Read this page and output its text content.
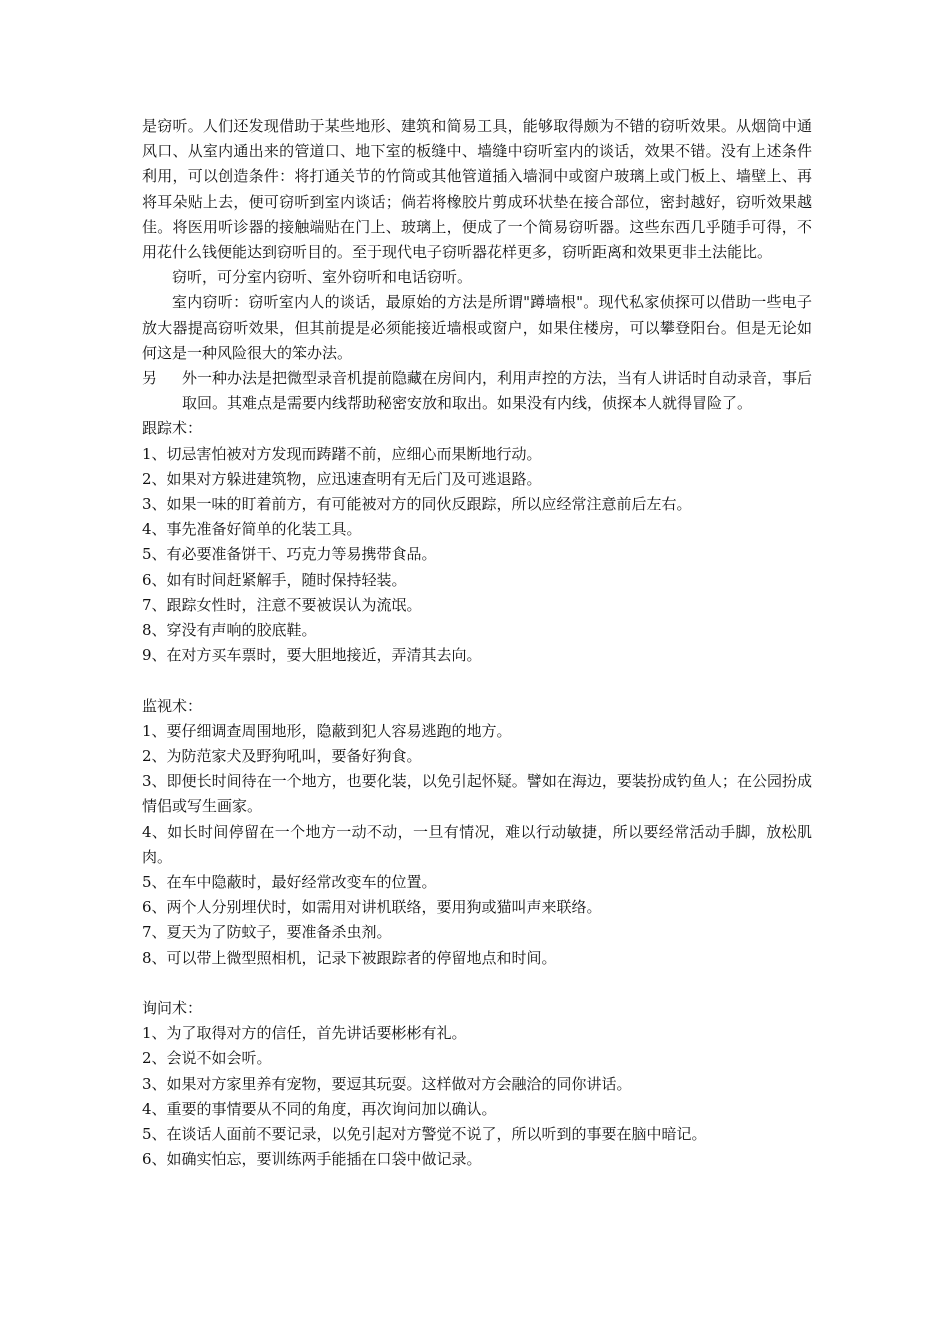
是窃听。人们还发现借助于某些地形、建筑和简易工具，能够取得颇为不错的窃听效果。从烟筒中通风口、从室内通出来的管道口、地下室的板缝中、墙缝中窃听室内的谈话，效果不错。没有上述条件利用，可以创造条件：将打通关节的竹筒或其他管道插入墙洞中或窗户玻璃上或门板上、墙壁上、再将耳朵贴上去，便可窃听到室内谈话；倘若将橡胶片剪成环状垫在接合部位，密封越好，窃听效果越佳。将医用听诊器的接触端贴在门上、玻璃上，便成了一个简易窃听器。这些东西几乎随手可得，不用花什么钱便能达到窃听目的。至于现代电子窃听器花样更多，窃听距离和效果更非土法能比。

窃听，可分室内窃听、室外窃听和电话窃听。

室内窃听：窃听室内人的谈话，最原始的方法是所谓"蹲墙根"。现代私家侦探可以借助一些电子放大器提高窃听效果，但其前提是必须能接近墙根或窗户，如果住楼房，可以攀登阳台。但是无论如何这是一种风险很大的笨办法。

另	外一种办法是把微型录音机提前隐藏在房间内，利用声控的方法，当有人讲话时自动录音，事后取回。其难点是需要内线帮助秘密安放和取出。如果没有内线，侦探本人就得冒险了。

跟踪术：

1、切忌害怕被对方发现而踌躇不前，应细心而果断地行动。

2、如果对方躲进建筑物，应迅速查明有无后门及可逃退路。

3、如果一味的盯着前方，有可能被对方的同伙反跟踪，所以应经常注意前后左右。

4、事先准备好简单的化装工具。

5、有必要准备饼干、巧克力等易携带食品。

6、如有时间赶紧解手，随时保持轻装。

7、跟踪女性时，注意不要被误认为流氓。

8、穿没有声响的胶底鞋。

9、在对方买车票时，要大胆地接近，弄清其去向。

监视术：

1、要仔细调查周围地形，隐蔽到犯人容易逃跑的地方。

2、为防范家犬及野狗吼叫，要备好狗食。

3、即便长时间待在一个地方，也要化装，以免引起怀疑。譬如在海边，要装扮成钓鱼人；在公园扮成情侣或写生画家。

4、如长时间停留在一个地方一动不动，一旦有情况，难以行动敏捷，所以要经常活动手脚，放松肌肉。

5、在车中隐蔽时，最好经常改变车的位置。

6、两个人分别埋伏时，如需用对讲机联络，要用狗或猫叫声来联络。

7、夏天为了防蚊子，要准备杀虫剂。

8、可以带上微型照相机，记录下被跟踪者的停留地点和时间。

询问术：

1、为了取得对方的信任，首先讲话要彬彬有礼。

2、会说不如会听。

3、如果对方家里养有宠物，要逗其玩耍。这样做对方会融洽的同你讲话。

4、重要的事情要从不同的角度，再次询问加以确认。

5、在谈话人面前不要记录，以免引起对方警觉不说了，所以听到的事要在脑中暗记。

6、如确实怕忘，要训练两手能插在口袋中做记录。
